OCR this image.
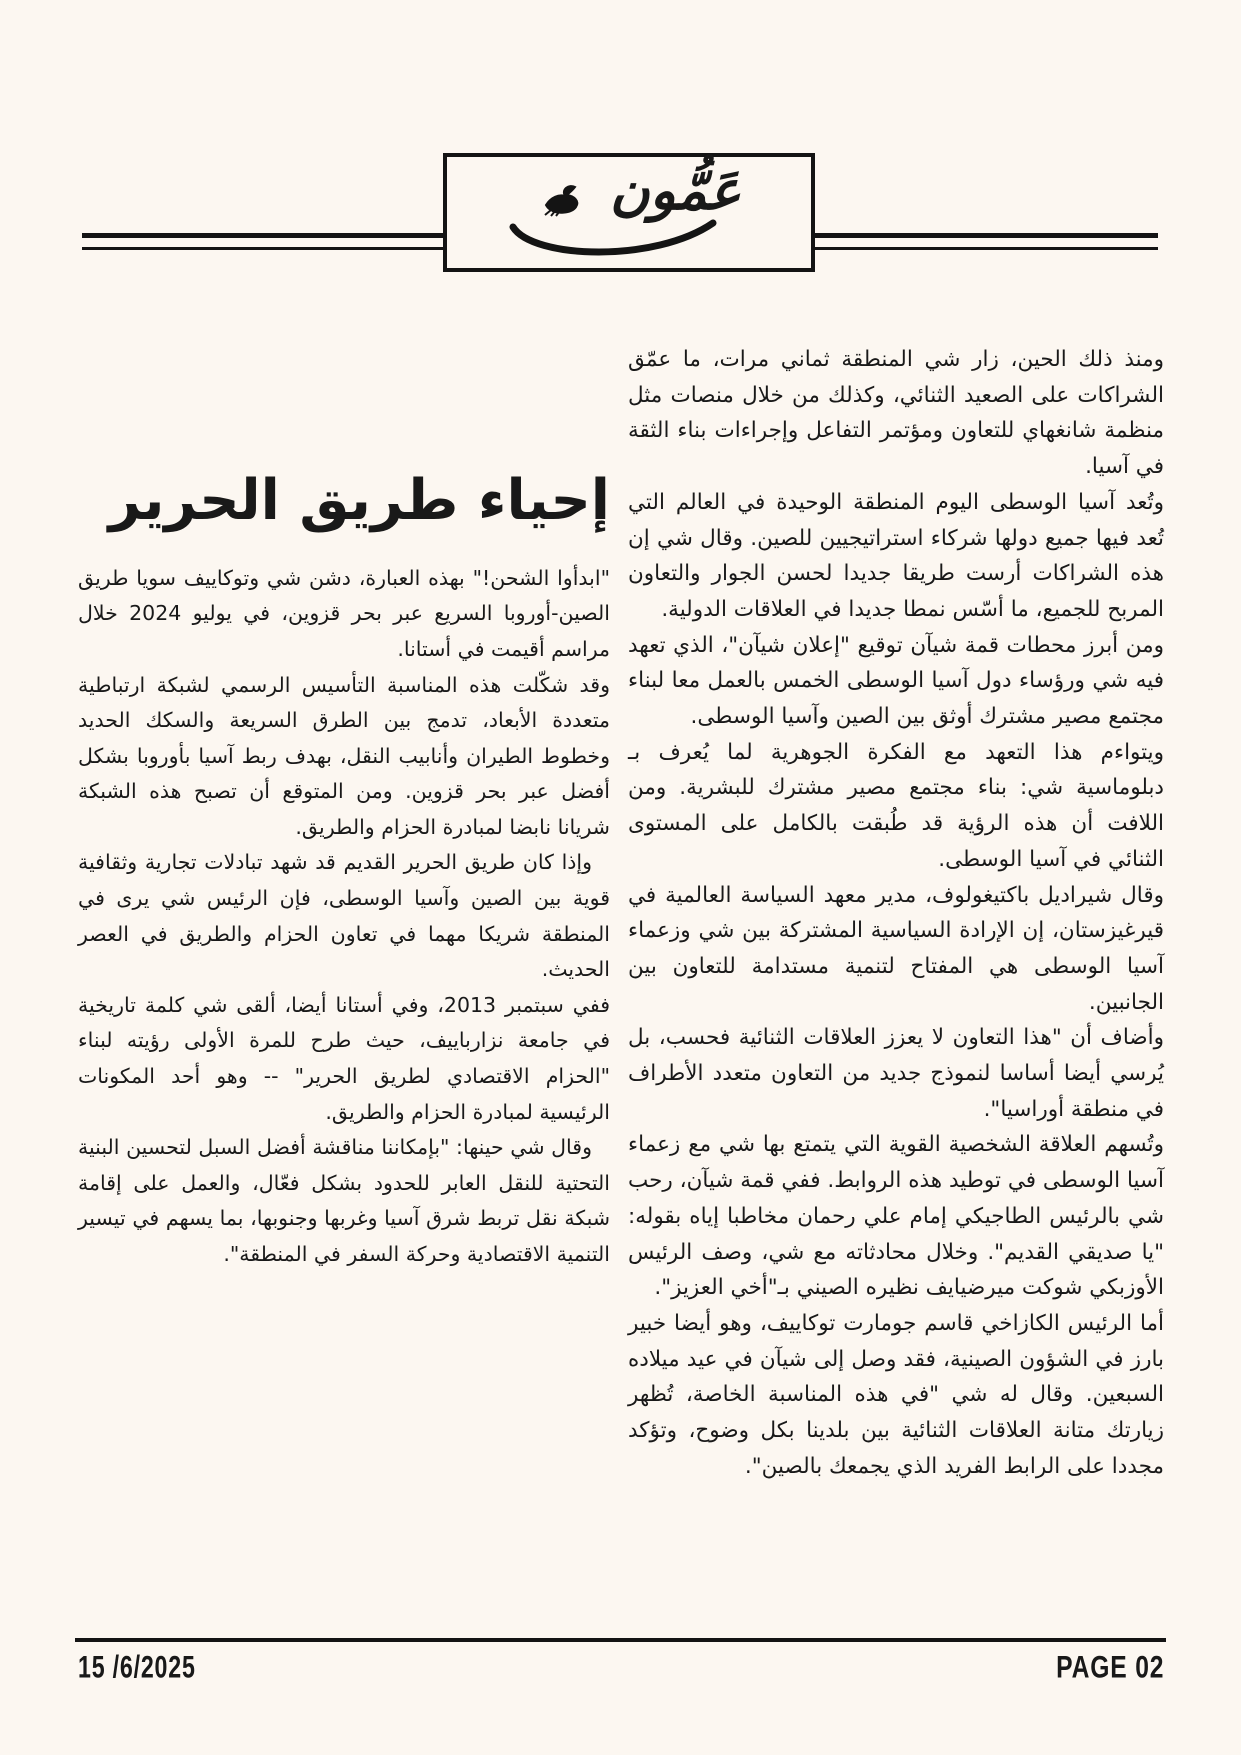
عَمُّون

ومنذ ذلك الحين، زار شي المنطقة ثماني مرات، ما عمّق الشراكات على الصعيد الثنائي، وكذلك من خلال منصات مثل منظمة شانغهاي للتعاون ومؤتمر التفاعل وإجراءات بناء الثقة في آسيا.

وتُعد آسيا الوسطى اليوم المنطقة الوحيدة في العالم التي تُعد فيها جميع دولها شركاء استراتيجيين للصين. وقال شي إن هذه الشراكات أرست طريقا جديدا لحسن الجوار والتعاون المربح للجميع، ما أسّس نمطا جديدا في العلاقات الدولية.

ومن أبرز محطات قمة شيآن توقيع "إعلان شيآن"، الذي تعهد فيه شي ورؤساء دول آسيا الوسطى الخمس بالعمل معا لبناء مجتمع مصير مشترك أوثق بين الصين وآسيا الوسطى.

ويتواءم هذا التعهد مع الفكرة الجوهرية لما يُعرف بـ دبلوماسية شي: بناء مجتمع مصير مشترك للبشرية. ومن اللافت أن هذه الرؤية قد طُبقت بالكامل على المستوى الثنائي في آسيا الوسطى.

وقال شيراديل باكتيغولوف، مدير معهد السياسة العالمية في قيرغيزستان، إن الإرادة السياسية المشتركة بين شي وزعماء آسيا الوسطى هي المفتاح لتنمية مستدامة للتعاون بين الجانبين.

وأضاف أن "هذا التعاون لا يعزز العلاقات الثنائية فحسب، بل يُرسي أيضا أساسا لنموذج جديد من التعاون متعدد الأطراف في منطقة أوراسيا".

وتُسهم العلاقة الشخصية القوية التي يتمتع بها شي مع زعماء آسيا الوسطى في توطيد هذه الروابط. ففي قمة شيآن، رحب شي بالرئيس الطاجيكي إمام علي رحمان مخاطبا إياه بقوله: "يا صديقي القديم". وخلال محادثاته مع شي، وصف الرئيس الأوزبكي شوكت ميرضيايف نظيره الصيني بـ"أخي العزيز".

أما الرئيس الكازاخي قاسم جومارت توكاييف، وهو أيضا خبير بارز في الشؤون الصينية، فقد وصل إلى شيآن في عيد ميلاده السبعين. وقال له شي "في هذه المناسبة الخاصة، تُظهر زيارتك متانة العلاقات الثنائية بين بلدينا بكل وضوح، وتؤكد مجددا على الرابط الفريد الذي يجمعك بالصين".

إحياء طريق الحرير

"ابدأوا الشحن!" بهذه العبارة، دشن شي وتوكاييف سويا طريق الصين-أوروبا السريع عبر بحر قزوين، في يوليو 2024 خلال مراسم أقيمت في أستانا.

وقد شكّلت هذه المناسبة التأسيس الرسمي لشبكة ارتباطية متعددة الأبعاد، تدمج بين الطرق السريعة والسكك الحديد وخطوط الطيران وأنابيب النقل، بهدف ربط آسيا بأوروبا بشكل أفضل عبر بحر قزوين. ومن المتوقع أن تصبح هذه الشبكة شريانا نابضا لمبادرة الحزام والطريق.

وإذا كان طريق الحرير القديم قد شهد تبادلات تجارية وثقافية قوية بين الصين وآسيا الوسطى، فإن الرئيس شي يرى في المنطقة شريكا مهما في تعاون الحزام والطريق في العصر الحديث.

ففي سبتمبر 2013، وفي أستانا أيضا، ألقى شي كلمة تاريخية في جامعة نزارباييف، حيث طرح للمرة الأولى رؤيته لبناء "الحزام الاقتصادي لطريق الحرير" -- وهو أحد المكونات الرئيسية لمبادرة الحزام والطريق.

وقال شي حينها: "بإمكاننا مناقشة أفضل السبل لتحسين البنية التحتية للنقل العابر للحدود بشكل فعّال، والعمل على إقامة شبكة نقل تربط شرق آسيا وغربها وجنوبها، بما يسهم في تيسير التنمية الاقتصادية وحركة السفر في المنطقة".

15 /6/2025	PAGE 02
